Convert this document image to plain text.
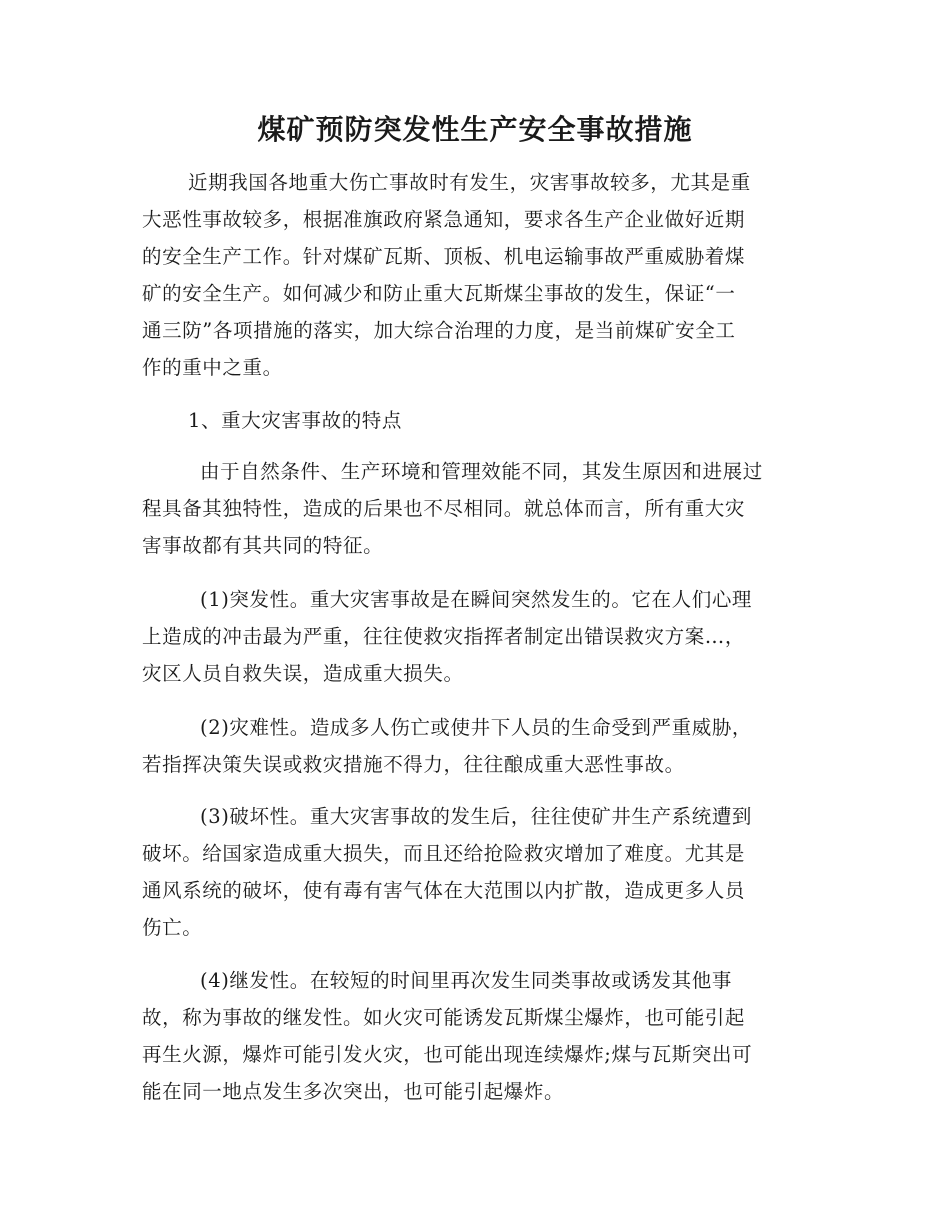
煤矿预防突发性生产安全事故措施
近期我国各地重大伤亡事故时有发生，灾害事故较多，尤其是重
大恶性事故较多，根据准旗政府紧急通知，要求各生产企业做好近期
的安全生产工作。针对煤矿瓦斯、顶板、机电运输事故严重威胁着煤
矿的安全生产。如何减少和防止重大瓦斯煤尘事故的发生，保证“一
通三防”各项措施的落实，加大综合治理的力度，是当前煤矿安全工
作的重中之重。
1、重大灾害事故的特点
由于自然条件、生产环境和管理效能不同，其发生原因和进展过
程具备其独特性，造成的后果也不尽相同。就总体而言，所有重大灾
害事故都有其共同的特征。
(1)突发性。重大灾害事故是在瞬间突然发生的。它在人们心理
上造成的冲击最为严重，往往使救灾指挥者制定出错误救灾方案…，
灾区人员自救失误，造成重大损失。
(2)灾难性。造成多人伤亡或使井下人员的生命受到严重威胁，
若指挥决策失误或救灾措施不得力，往往酿成重大恶性事故。
(3)破坏性。重大灾害事故的发生后，往往使矿井生产系统遭到
破坏。给国家造成重大损失，而且还给抢险救灾增加了难度。尤其是
通风系统的破坏，使有毒有害气体在大范围以内扩散，造成更多人员
伤亡。
(4)继发性。在较短的时间里再次发生同类事故或诱发其他事
故，称为事故的继发性。如火灾可能诱发瓦斯煤尘爆炸，也可能引起
再生火源，爆炸可能引发火灾，也可能出现连续爆炸;煤与瓦斯突出可
能在同一地点发生多次突出，也可能引起爆炸。
